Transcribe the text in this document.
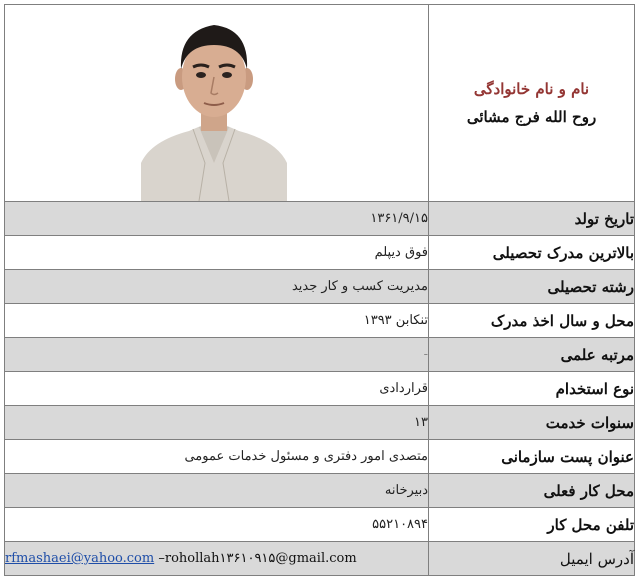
نام و نام خانوادگی
روح الله فرج مشائی

تاریخ تولد	۱۳۶۱/۹/۱۵
بالاترین مدرک تحصیلی	فوق دیپلم
رشته تحصیلی	مدیریت کسب و کار جدید
محل و سال اخذ مدرک	تنکابن ۱۳۹۳
مرتبه علمی	-
نوع استخدام	قراردادی
سنوات خدمت	۱۳
عنوان پست سازمانی	متصدی امور دفتری و مسئول خدمات عمومی
محل کار فعلی	دبیرخانه
تلفن محل کار	۵۵۲۱۰۸۹۴
آدرس ایمیل	rfmashaei@yahoo.com –rohollah۱۳۶۱۰۹۱۵@gmail.com
